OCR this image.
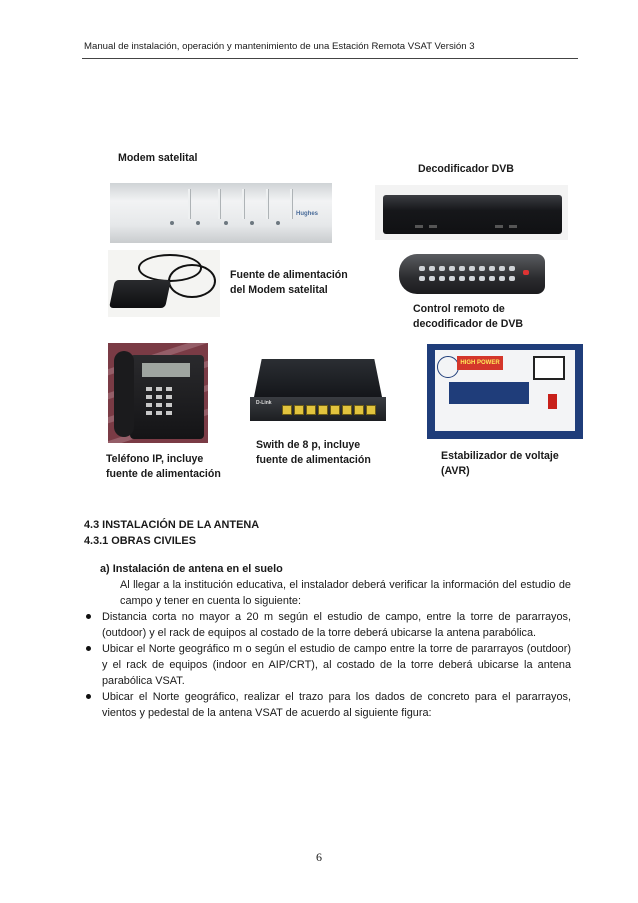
Manual de instalación, operación y mantenimiento de una Estación Remota VSAT Versión 3
Modem satelital
Hughes
Decodificador DVB
Fuente de alimentación
del Modem satelital
Control remoto de
decodificador de DVB
Teléfono IP, incluye
fuente de alimentación
D-Link
Swith de 8 p, incluye
fuente de alimentación
HIGH POWER
Estabilizador de voltaje
(AVR)
4.3 INSTALACIÓN DE LA ANTENA
4.3.1 OBRAS CIVILES
a) Instalación de antena en el suelo
Al llegar a la institución educativa, el instalador deberá verificar la información del estudio de
campo y tener en cuenta lo siguiente:
Distancia corta no mayor a 20 m según el estudio de campo, entre la torre de pararrayos,
(outdoor) y el rack de equipos al costado de la torre deberá ubicarse la antena parabólica.
Ubicar el Norte geográfico m o según el estudio de campo entre la torre de pararrayos (outdoor)
y el rack de equipos (indoor en AIP/CRT), al costado de la torre deberá ubicarse la antena
parabólica VSAT.
Ubicar el Norte geográfico, realizar el trazo para los dados de concreto para el pararrayos,
vientos y pedestal de la antena VSAT de acuerdo al siguiente figura:
6
